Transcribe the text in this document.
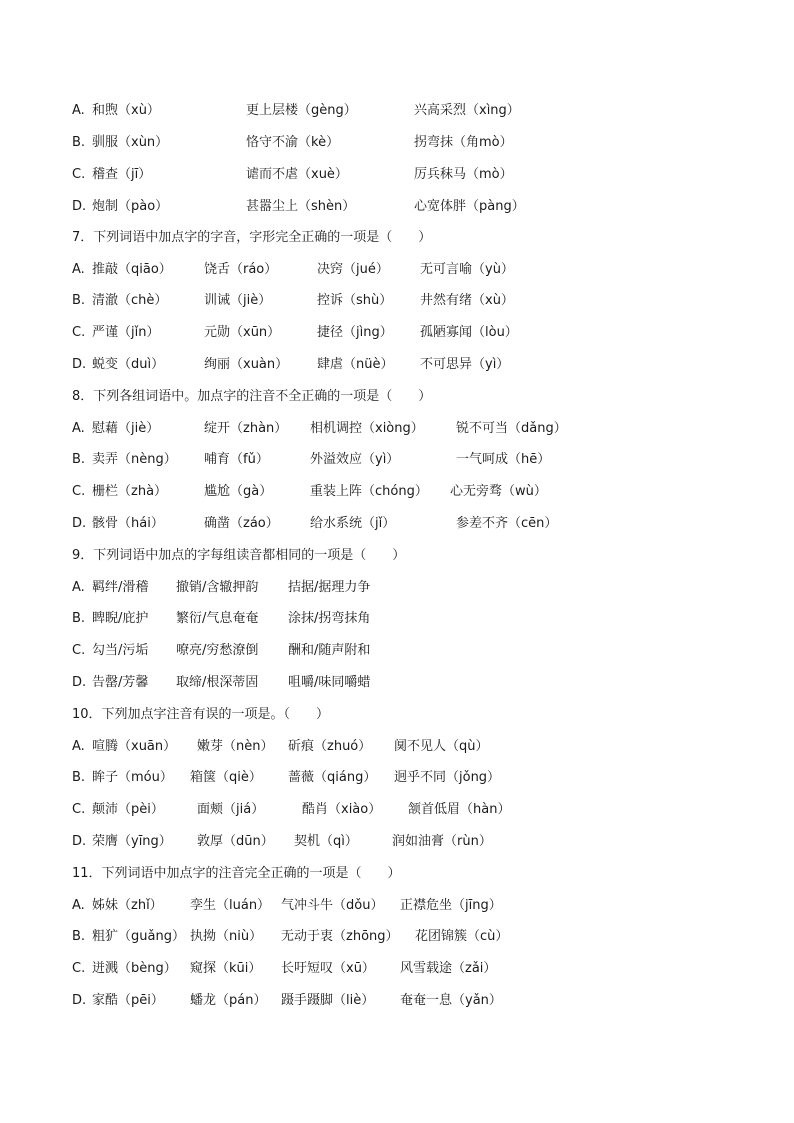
A. 和煦（xù）	更上层楼（gèng）	兴高采烈（xìng）
B. 驯服（xùn）	恪守不渝（kè）	拐弯抹（角mò）
C. 稽查（jī）	谑而不虐（xuè）	厉兵秣马（mò）
D. 炮制（pào）	甚嚣尘上（shèn）	心宽体胖（pàng）
7．下列词语中加点字的字音，字形完全正确的一项是（　　）
A. 推敲（qiāo） 饶舌（ráo）	决窍（jué） 无可言喻（yù）
B. 清澈（chè）	训诫（jiè）	控诉（shù） 井然有绪（xù）
C. 严谨（jǐn）	元勋（xūn）	捷径（jìng） 孤陋寡闻（lòu）
D. 蜕变（duì）	绚丽（xuàn） 肆虐（nüè） 不可思异（yì）
8．下列各组词语中。加点字的注音不全正确的一项是（　　）
A. 慰藉（jiè）	绽开（zhàn） 相机调控（xiòng） 锐不可当（dǎng）
B. 卖弄（nèng） 哺育（fǔ）	外溢效应（yì）	一气呵成（hē）
C. 栅栏（zhà）	尴尬（gà）	重装上阵（chóng） 心无旁骛（wù）
D. 骸骨（hái）	确凿（záo） 给水系统（jǐ）	参差不齐（cēn）
9．下列词语中加点的字每组读音都相同的一项是（　　）
A. 羁绊/滑稽 撤销/含辙押韵 拮据/据理力争
B. 睥睨/庇护 繁衍/气息奄奄 涂抹/拐弯抹角
C. 勾当/污垢 嘹亮/穷愁潦倒 酬和/随声附和
D. 告罄/芳馨 取缔/根深蒂固 咀嚼/味同嚼蜡
10．下列加点字注音有误的一项是。（　　）
A. 喧腾（xuān） 嫩芽（nèn） 斫痕（zhuó） 阒不见人（qù）
B. 眸子（móu） 箱箧（qiè） 蔷薇（qiáng） 迥乎不同（jǒng）
C. 颠沛（pèi）	面颊（jiá）	酷肖（xiào） 颔首低眉（hàn）
D. 荣膺（yīng） 敦厚（dūn） 契机（qì）	润如油膏（rùn）
11．下列词语中加点字的注音完全正确的一项是（　　）
A. 姊妹（zhǐ） 孪生（luán） 气冲斗牛（dǒu） 正襟危坐（jīng）
B. 粗犷（guǎng） 执拗（niù） 无动于衷（zhōng） 花团锦簇（cù）
C. 迸溅（bèng） 窥探（kūi） 长吁短叹（xū） 风雪载途（zǎi）
D. 家酷（pēi） 蟠龙（pán） 蹑手蹑脚（liè） 奄奄一息（yǎn）
